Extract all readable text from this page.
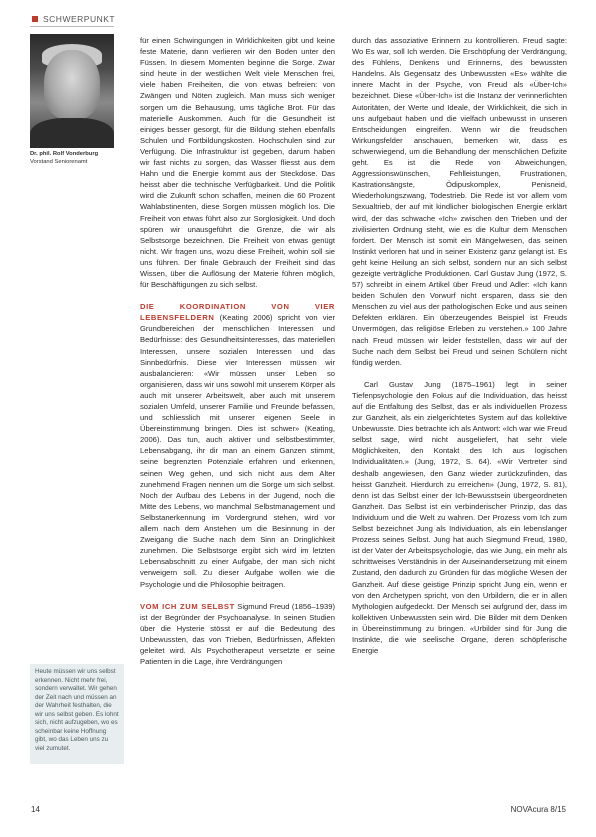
SCHWERPUNKT
Dr. phil. Rolf Vonderburg
Vorstand Seniorenamt

für einen Schwingungen in Wirklichkeiten gibt und keine feste Materie, dann verlieren wir den Boden unter den Füssen. In diesem Momenten beginne die Sorge. Zwar sind heute in der westlichen Welt viele Menschen frei, viele haben Freiheiten, die von etwas befreien: von Zwängen und Nöten zugleich. Man muss sich weniger sorgen um die Behausung, ums tägliche Brot. Für das materielle Auskommen. Auch für die Gesundheit ist einiges besser gesorgt, für die Bildung stehen ebenfalls Schulen und Fortbildungskosten. Hochschulen sind zur Verfügung. Die Infrastruktur ist gegeben, darum haben wir fast nichts zu sorgen, das Wasser fliesst aus dem Hahn und die Energie kommt aus der Steckdose. Das heisst aber die technische Verfügbarkeit. Und die Politik wird die Zukunft schon schaffen, meinen die 60 Prozent Wahlabstinenten, diese Sorgen müssen möglich los. Die Freiheit von etwas führt also zur Sorglosigkeit. Und doch spüren wir unausgeführt die Grenze, die wir als Selbstsorge bezeichnen. Die Freiheit von etwas genügt nicht. Wir fragen uns, wozu diese Freiheit, wohin soll sie uns führen. Der finale Gebrauch der Freiheit sind das Wissen, über die Auflösung der Materie führen möglich, für Beschäftigungen zu sich selbst.

DIE KOORDINATION VON VIER LEBENSFELDERN (Keating 2006) spricht von vier Grundbereichen der menschlichen Interessen und Bedürfnisse: des Gesundheitsinteresses, das materiellen Interessen, unsere sozialen Interessen und das Sinnbedürfnis. Diese vier Interessen müssen wir ausbalancieren: «Wir müssen unser Leben so organisieren, dass wir uns sowohl mit unserem Körper als auch mit unserer Arbeitswelt, aber auch mit unserem sozialen Umfeld, unserer Familie und Freunde befassen, und schliesslich mit unserer eigenen Seele in Übereinstimmung bringen. Dies ist schwer» (Keating, 2006). Das tun, auch aktiver und selbstbestimmter, Lebensabgang, ihr dir man an einem Ganzen stimmt, seine begrenzten Potenziale erfahren und erkennen, seinen Weg gehen, und sich nicht aus dem Alter zunehmend Fragen nennen um die Sorge um sich selbst. Noch der Aufbau des Lebens in der Jugend, noch die Mitte des Lebens, wo manchmal Selbstmanagement und Selbstanerkennung im Vordergrund stehen, wird vor allem nach dem Anstehen um die Besinnung in der Zweigang die Suche nach dem Sinn an Dringlichkeit zunehmen. Die Selbstsorge ergibt sich wird im letzten Lebensabschnitt zu einer Aufgabe, der man sich nicht verweigern soll. Zu dieser Aufgabe wollen wie die Psychologie und die Philosophie beitragen.

VOM ICH ZUM SELBST Sigmund Freud (1856–1939) ist der Begründer der Psychoanalyse. In seinen Studien über die Hysterie stösst er auf die Bedeutung des Unbewussten, das von Trieben, Bedürfnissen, Affekten geleitet wird. Als Psychotherapeut versetzte er seine Patienten in die Lage, ihre Verdrängungen

durch das assoziative Erinnern zu kontrollieren. Freud sagte: Wo Es war, soll Ich werden. Die Erschöpfung der Verdrängung, des Fühlens, Denkens und Erinnerns, des bewussten Handelns. Als Gegensatz des Unbewussten «Es» wählte die innere Macht in der Psyche, von Freud als «Über-Ich» bezeichnet. Diese «Über-Ich» ist die Instanz der verinnerlichten Autoritäten, der Werte und Ideale, der Wirklichkeit, die sich in uns aufgebaut haben und die vielfach unbewusst in unseren Entscheidungen eingreifen. Wenn wir die freudschen Wirkungsfelder anschauen, bemerken wir, dass es schwerwiegend, um die Behandlung der menschlichen Defizite geht. Es ist die Rede von Abweichungen, Aggressionswünschen, Fehlleistungen, Frustrationen, Kastrationsängste, Ödipuskomplex, Penisneid, Wiederholungszwang, Todestrieb. Die Rede ist vor allem vom Sexualtrieb, der auf mit kindlicher biologischen Energie erklärt wird, der das schwache «Ich» zwischen den Trieben und der zivilisierten Ordnung steht, wie es die Kultur dem Menschen fordert. Der Mensch ist somit ein Mängelwesen, das seinen Instinkt verloren hat und in seiner Existenz ganz gelangt ist. Es geht keine Heilung an sich selbst, sondern nur an sich selbst gezeigte verträgliche Produktionen. Carl Gustav Jung (1972, S. 57) schreibt in einem Artikel über Freud und Adler: «Ich kann beiden Schulen den Vorwurf nicht ersparen, dass sie den Menschen zu viel aus der pathologischen Ecke und aus seinen Defekten erklären. Ein überzeugendes Beispiel ist Freuds Unvermögen, das religiöse Erleben zu verstehen.» 100 Jahre nach Freud müssen wir leider feststellen, dass wir auf der Suche nach dem Selbst bei Freud und seinen Schülern nicht fündig werden.

Carl Gustav Jung (1875–1961) legt in seiner Tiefenpsychologie den Fokus auf die Individuation, das heisst auf die Entfaltung des Selbst, das er als individuellen Prozess zur Ganzheit, als ein zielgerichtetes System auf das kollektive Unbewusste. Dies betrachte ich als Antwort: «Ich war wie Freud selbst sage, wird nicht ausgeliefert, hat sehr viele Möglichkeiten, den Kontakt des Ich aus logischen Individualitäten.» (Jung, 1972, S. 64). «Wir Vertreter sind deshalb angewiesen, den Ganz wieder zurückzufinden, das heisst Ganzheit. Hierdurch zu erreichen» (Jung, 1972, S. 81), denn ist das Selbst einer der Ich-Bewusstsein übergeordneten Ganzheit. Das Selbst ist ein verbinderischer Prinzip, das das Individuum und die Welt zu wahren. Der Prozess vom Ich zum Selbst bezeichnet Jung als Individuation, als ein lebenslanger Prozess seines Selbst. Jung hat auch Siegmund Freud, 1980, ist der Vater der Arbeitspsychologie, das wie Jung, ein mehr als schrittweises Verständnis in der Auseinandersetzung mit einem Zustand, den dadurch zu Gründen für das mögliche Wesen der Ganzheit. Auf diese geistige Prinzip spricht Jung ein, wenn er von den Archetypen spricht, von den Urbildern, die er in allen Mythologien aufgedeckt. Der Mensch sei aufgrund der, dass im kollektiven Unbewussten sein wird. Die Bilder mit dem Denken in Übereinstimmung zu bringen. «Urbilder sind für Jung die Instinkte, die wie seelische Organe, deren schöpferische Energie

Heute müssen wir uns selbst erkennen. Nicht mehr frei, sondern verwaltet. Wir gehen der Zeit nach und müssen an der Wahrheit festhalten, die wir uns selbst geben. Es lohnt sich, nicht aufzugeben, wo es scheinbar keine Hoffnung gibt, wo das Leben uns zu viel zumutet.
14	NOVAcura 8/15
